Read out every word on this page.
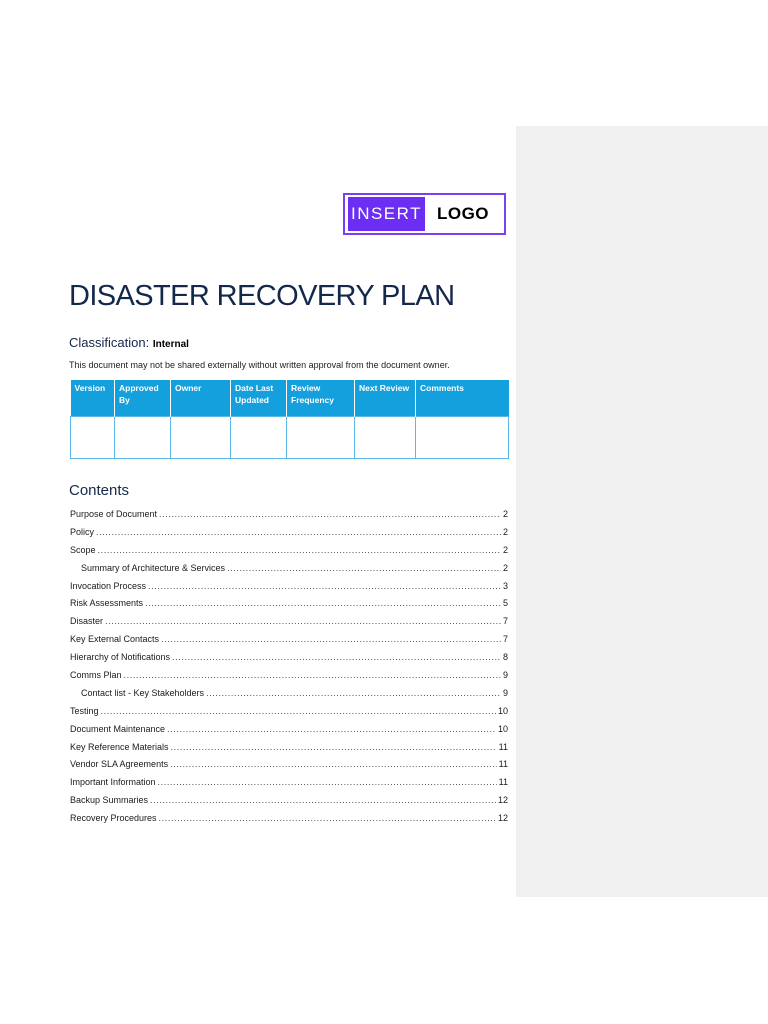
INSERT LOGO
DISASTER RECOVERY PLAN
Classification: Internal
This document may not be shared externally without written approval from the document owner.
Version	Approved By	Owner	Date Last Updated	Review Frequency	Next Review	Comments

Contents
Purpose of Document .....	2
Policy .....	2
Scope .....	2
Summary of Architecture & Services .....	2
Invocation Process .....	3
Risk Assessments .....	5
Disaster .....	7
Key External Contacts .....	7
Hierarchy of Notifications .....	8
Comms Plan .....	9
Contact list - Key Stakeholders .....	9
Testing .....	10
Document Maintenance .....	10
Key Reference Materials .....	11
Vendor SLA Agreements .....	11
Important Information .....	11
Backup Summaries .....	12
Recovery Procedures .....	12
